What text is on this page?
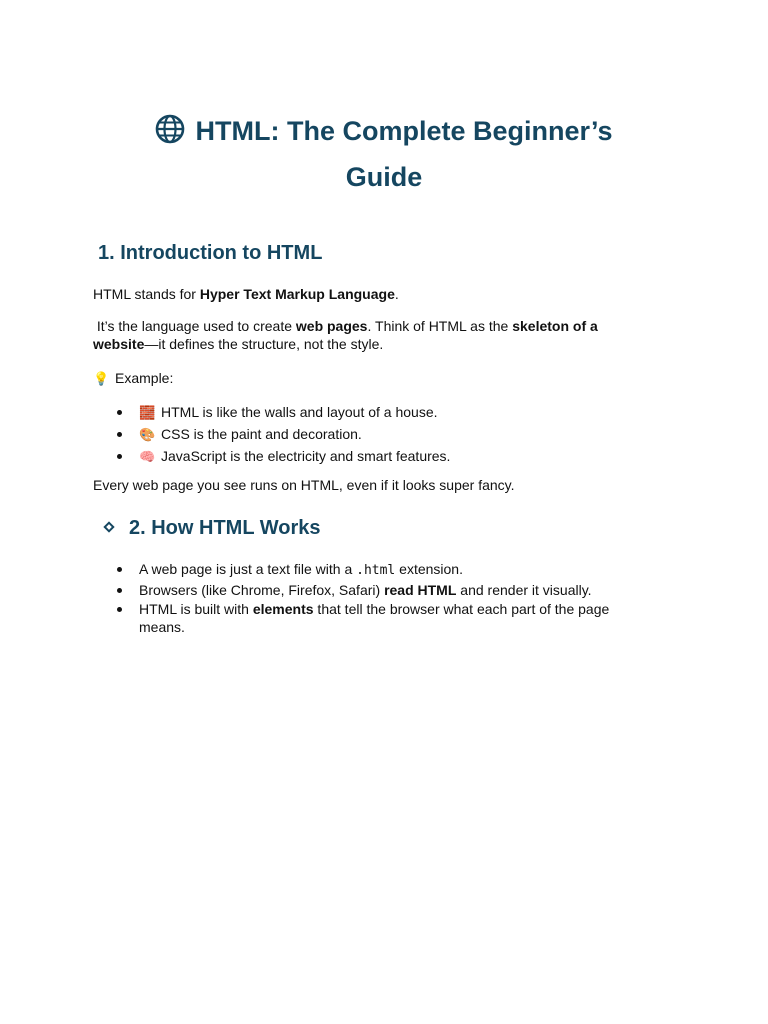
HTML: The Complete Beginner’s Guide
1. Introduction to HTML

HTML stands for Hyper Text Markup Language.

It’s the language used to create web pages. Think of HTML as the skeleton of a website—it defines the structure, not the style.

💡 Example:

🧱 HTML is like the walls and layout of a house.
🎨 CSS is the paint and decoration.
🧠 JavaScript is the electricity and smart features.

Every web page you see runs on HTML, even if it looks super fancy.

2. How HTML Works
A web page is just a text file with a .html extension.
Browsers (like Chrome, Firefox, Safari) read HTML and render it visually.
HTML is built with elements that tell the browser what each part of the page means.
